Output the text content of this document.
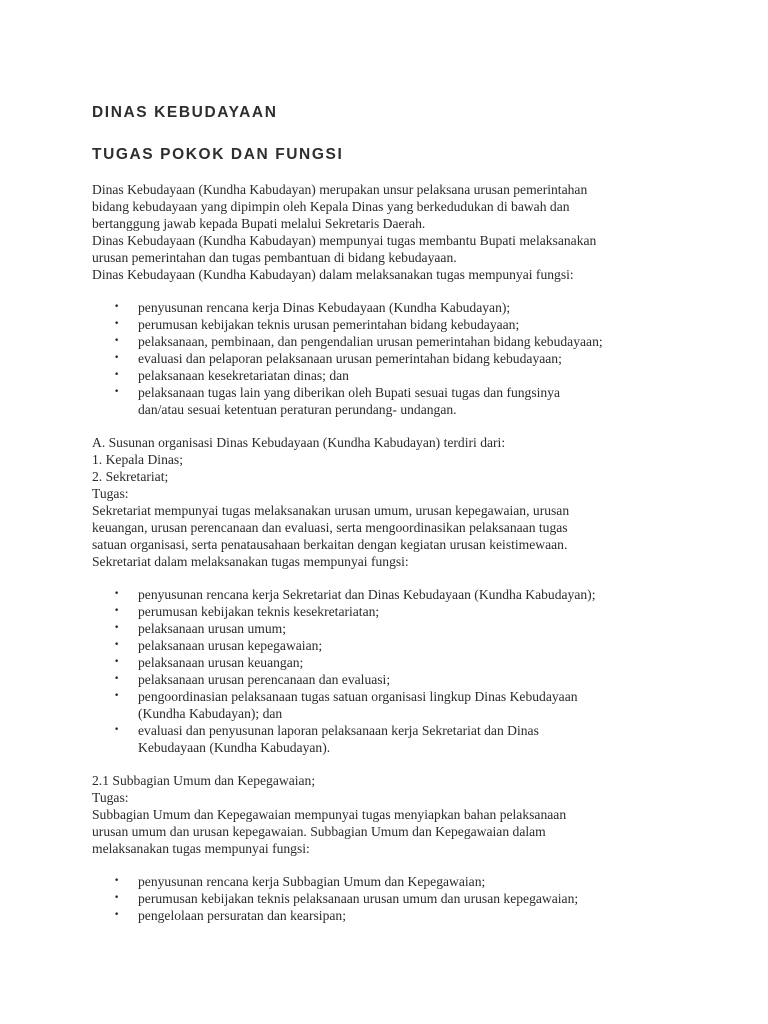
DINAS KEBUDAYAAN
TUGAS POKOK DAN FUNGSI
Dinas Kebudayaan (Kundha Kabudayan) merupakan unsur pelaksana urusan pemerintahan
bidang kebudayaan yang dipimpin oleh Kepala Dinas yang berkedudukan di bawah dan
bertanggung jawab kepada Bupati melalui Sekretaris Daerah.
Dinas Kebudayaan (Kundha Kabudayan) mempunyai tugas membantu Bupati melaksanakan
urusan pemerintahan dan tugas pembantuan di bidang kebudayaan.
Dinas Kebudayaan (Kundha Kabudayan) dalam melaksanakan tugas mempunyai fungsi:
• penyusunan rencana kerja Dinas Kebudayaan (Kundha Kabudayan);
• perumusan kebijakan teknis urusan pemerintahan bidang kebudayaan;
• pelaksanaan, pembinaan, dan pengendalian urusan pemerintahan bidang kebudayaan;
• evaluasi dan pelaporan pelaksanaan urusan pemerintahan bidang kebudayaan;
• pelaksanaan kesekretariatan dinas; dan
• pelaksanaan tugas lain yang diberikan oleh Bupati sesuai tugas dan fungsinya
dan/atau sesuai ketentuan peraturan perundang- undangan.
A. Susunan organisasi Dinas Kebudayaan (Kundha Kabudayan) terdiri dari:
1. Kepala Dinas;
2. Sekretariat;
Tugas:
Sekretariat mempunyai tugas melaksanakan urusan umum, urusan kepegawaian, urusan
keuangan, urusan perencanaan dan evaluasi, serta mengoordinasikan pelaksanaan tugas
satuan organisasi, serta penatausahaan berkaitan dengan kegiatan urusan keistimewaan.
Sekretariat dalam melaksanakan tugas mempunyai fungsi:
• penyusunan rencana kerja Sekretariat dan Dinas Kebudayaan (Kundha Kabudayan);
• perumusan kebijakan teknis kesekretariatan;
• pelaksanaan urusan umum;
• pelaksanaan urusan kepegawaian;
• pelaksanaan urusan keuangan;
• pelaksanaan urusan perencanaan dan evaluasi;
• pengoordinasian pelaksanaan tugas satuan organisasi lingkup Dinas Kebudayaan
(Kundha Kabudayan); dan
• evaluasi dan penyusunan laporan pelaksanaan kerja Sekretariat dan Dinas
Kebudayaan (Kundha Kabudayan).
2.1 Subbagian Umum dan Kepegawaian;
Tugas:
Subbagian Umum dan Kepegawaian mempunyai tugas menyiapkan bahan pelaksanaan
urusan umum dan urusan kepegawaian. Subbagian Umum dan Kepegawaian dalam
melaksanakan tugas mempunyai fungsi:
• penyusunan rencana kerja Subbagian Umum dan Kepegawaian;
• perumusan kebijakan teknis pelaksanaan urusan umum dan urusan kepegawaian;
• pengelolaan persuratan dan kearsipan;
